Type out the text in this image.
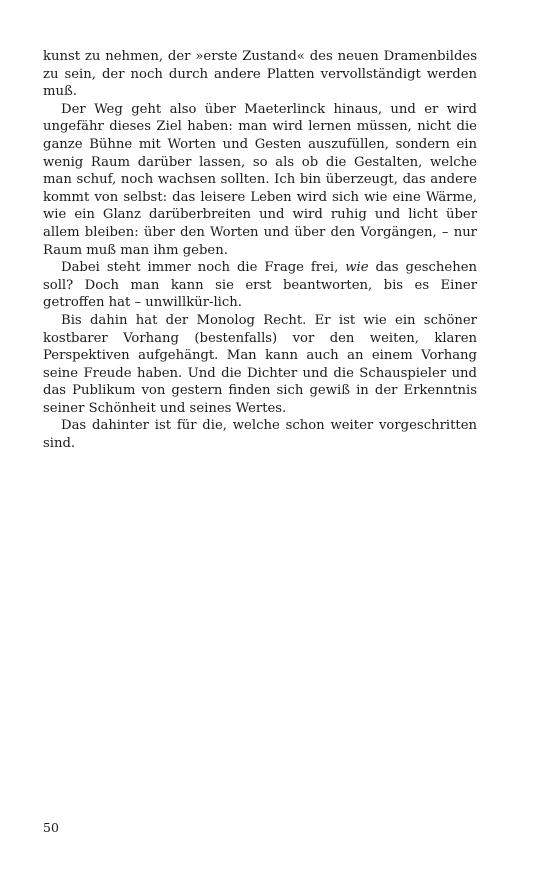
kunst zu nehmen, der »erste Zustand« des neuen Dramenbildes zu sein, der noch durch andere Platten vervollständigt werden muß.

Der Weg geht also über Maeterlinck hinaus, und er wird ungefähr dieses Ziel haben: man wird lernen müssen, nicht die ganze Bühne mit Worten und Gesten auszufüllen, sondern ein wenig Raum darüber lassen, so als ob die Gestalten, welche man schuf, noch wachsen sollten. Ich bin überzeugt, das andere kommt von selbst: das leisere Leben wird sich wie eine Wärme, wie ein Glanz darüberbreiten und wird ruhig und licht über allem bleiben: über den Worten und über den Vorgängen, – nur Raum muß man ihm geben.

Dabei steht immer noch die Frage frei, wie das geschehen soll? Doch man kann sie erst beantworten, bis es Einer getroffen hat – unwillkür-lich.

Bis dahin hat der Monolog Recht. Er ist wie ein schöner kostbarer Vorhang (bestenfalls) vor den weiten, klaren Perspektiven aufgehängt. Man kann auch an einem Vorhang seine Freude haben. Und die Dichter und die Schauspieler und das Publikum von gestern finden sich gewiß in der Erkenntnis seiner Schönheit und seines Wertes.

Das dahinter ist für die, welche schon weiter vorgeschritten sind.

50
